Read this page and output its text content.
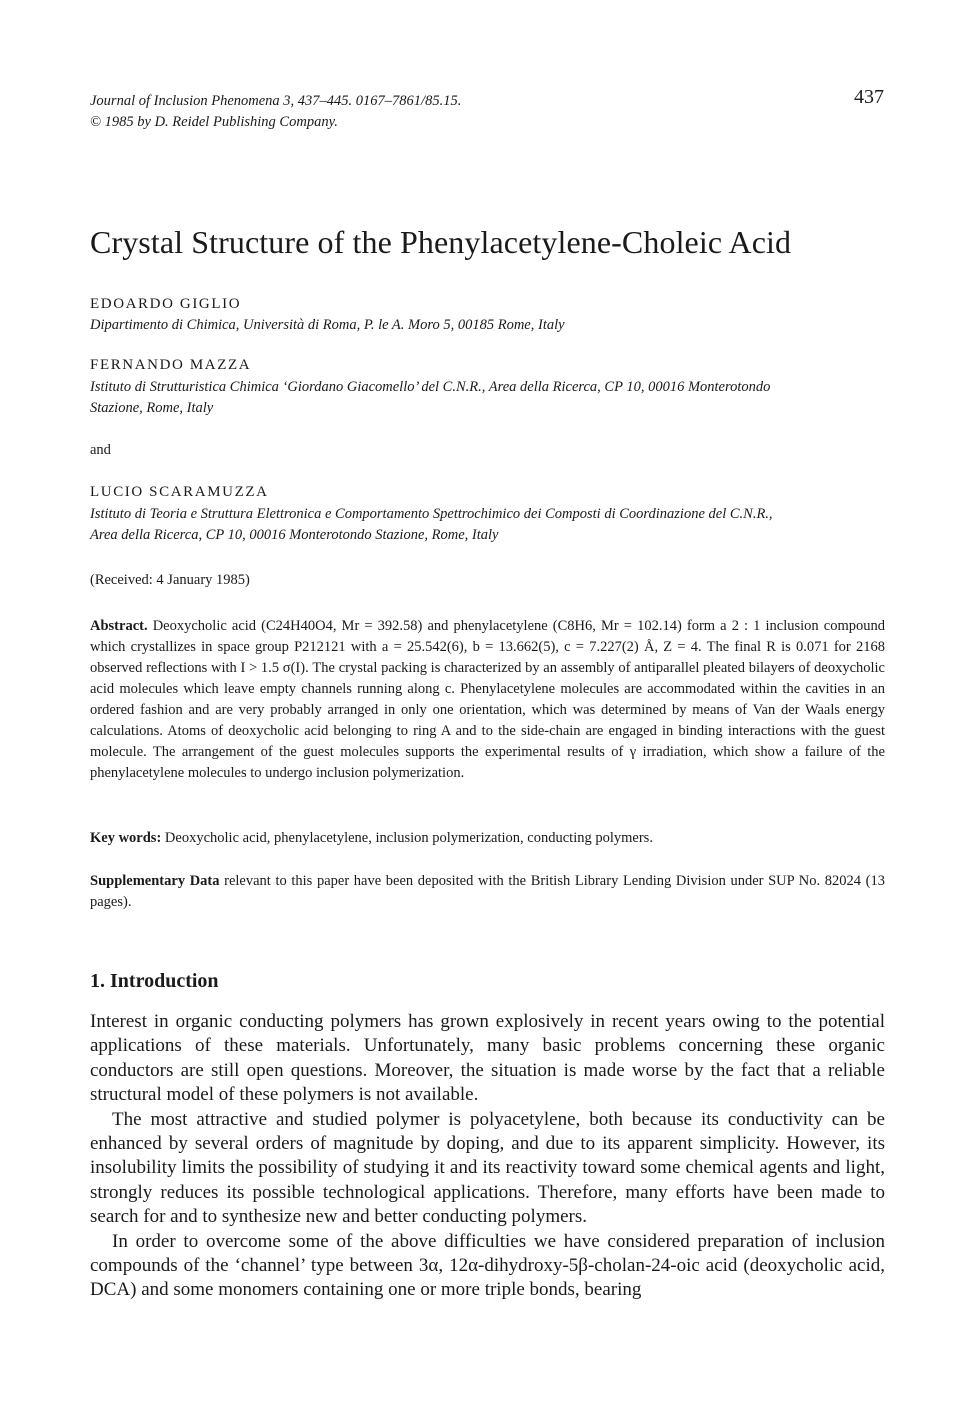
437
Journal of Inclusion Phenomena 3, 437–445. 0167–7861/85.15.
© 1985 by D. Reidel Publishing Company.
Crystal Structure of the Phenylacetylene-Choleic Acid
EDOARDO GIGLIO
Dipartimento di Chimica, Università di Roma, P. le A. Moro 5, 00185 Rome, Italy
FERNANDO MAZZA
Istituto di Strutturistica Chimica ‘Giordano Giacomello’ del C.N.R., Area della Ricerca, CP 10, 00016 Monterotondo
Stazione, Rome, Italy
and
LUCIO SCARAMUZZA
Istituto di Teoria e Struttura Elettronica e Comportamento Spettrochimico dei Composti di Coordinazione del C.N.R.,
Area della Ricerca, CP 10, 00016 Monterotondo Stazione, Rome, Italy
(Received: 4 January 1985)
Abstract. Deoxycholic acid (C24H40O4, Mr = 392.58) and phenylacetylene (C8H6, Mr = 102.14) form a 2 : 1 inclusion compound which crystallizes in space group P212121 with a = 25.542(6), b = 13.662(5), c = 7.227(2) Å, Z = 4. The final R is 0.071 for 2168 observed reflections with I > 1.5 σ(I). The crystal packing is characterized by an assembly of antiparallel pleated bilayers of deoxycholic acid molecules which leave empty channels running along c. Phenylacetylene molecules are accommodated within the cavities in an ordered fashion and are very probably arranged in only one orientation, which was determined by means of Van der Waals energy calculations. Atoms of deoxycholic acid belonging to ring A and to the side-chain are engaged in binding interactions with the guest molecule. The arrangement of the guest molecules supports the experimental results of γ irradiation, which show a failure of the phenylacetylene molecules to undergo inclusion polymerization.
Key words: Deoxycholic acid, phenylacetylene, inclusion polymerization, conducting polymers.
Supplementary Data relevant to this paper have been deposited with the British Library Lending Division under SUP No. 82024 (13 pages).
1. Introduction

Interest in organic conducting polymers has grown explosively in recent years owing to the potential applications of these materials. Unfortunately, many basic problems concerning these organic conductors are still open questions. Moreover, the situation is made worse by the fact that a reliable structural model of these polymers is not available.

The most attractive and studied polymer is polyacetylene, both because its conductivity can be enhanced by several orders of magnitude by doping, and due to its apparent simplicity. However, its insolubility limits the possibility of studying it and its reactivity toward some chemical agents and light, strongly reduces its possible technological applications. Therefore, many efforts have been made to search for and to synthesize new and better conducting polymers.

In order to overcome some of the above difficulties we have considered preparation of inclusion compounds of the ‘channel’ type between 3α, 12α-dihydroxy-5β-cholan-24-oic acid (deoxycholic acid, DCA) and some monomers containing one or more triple bonds, bearing
